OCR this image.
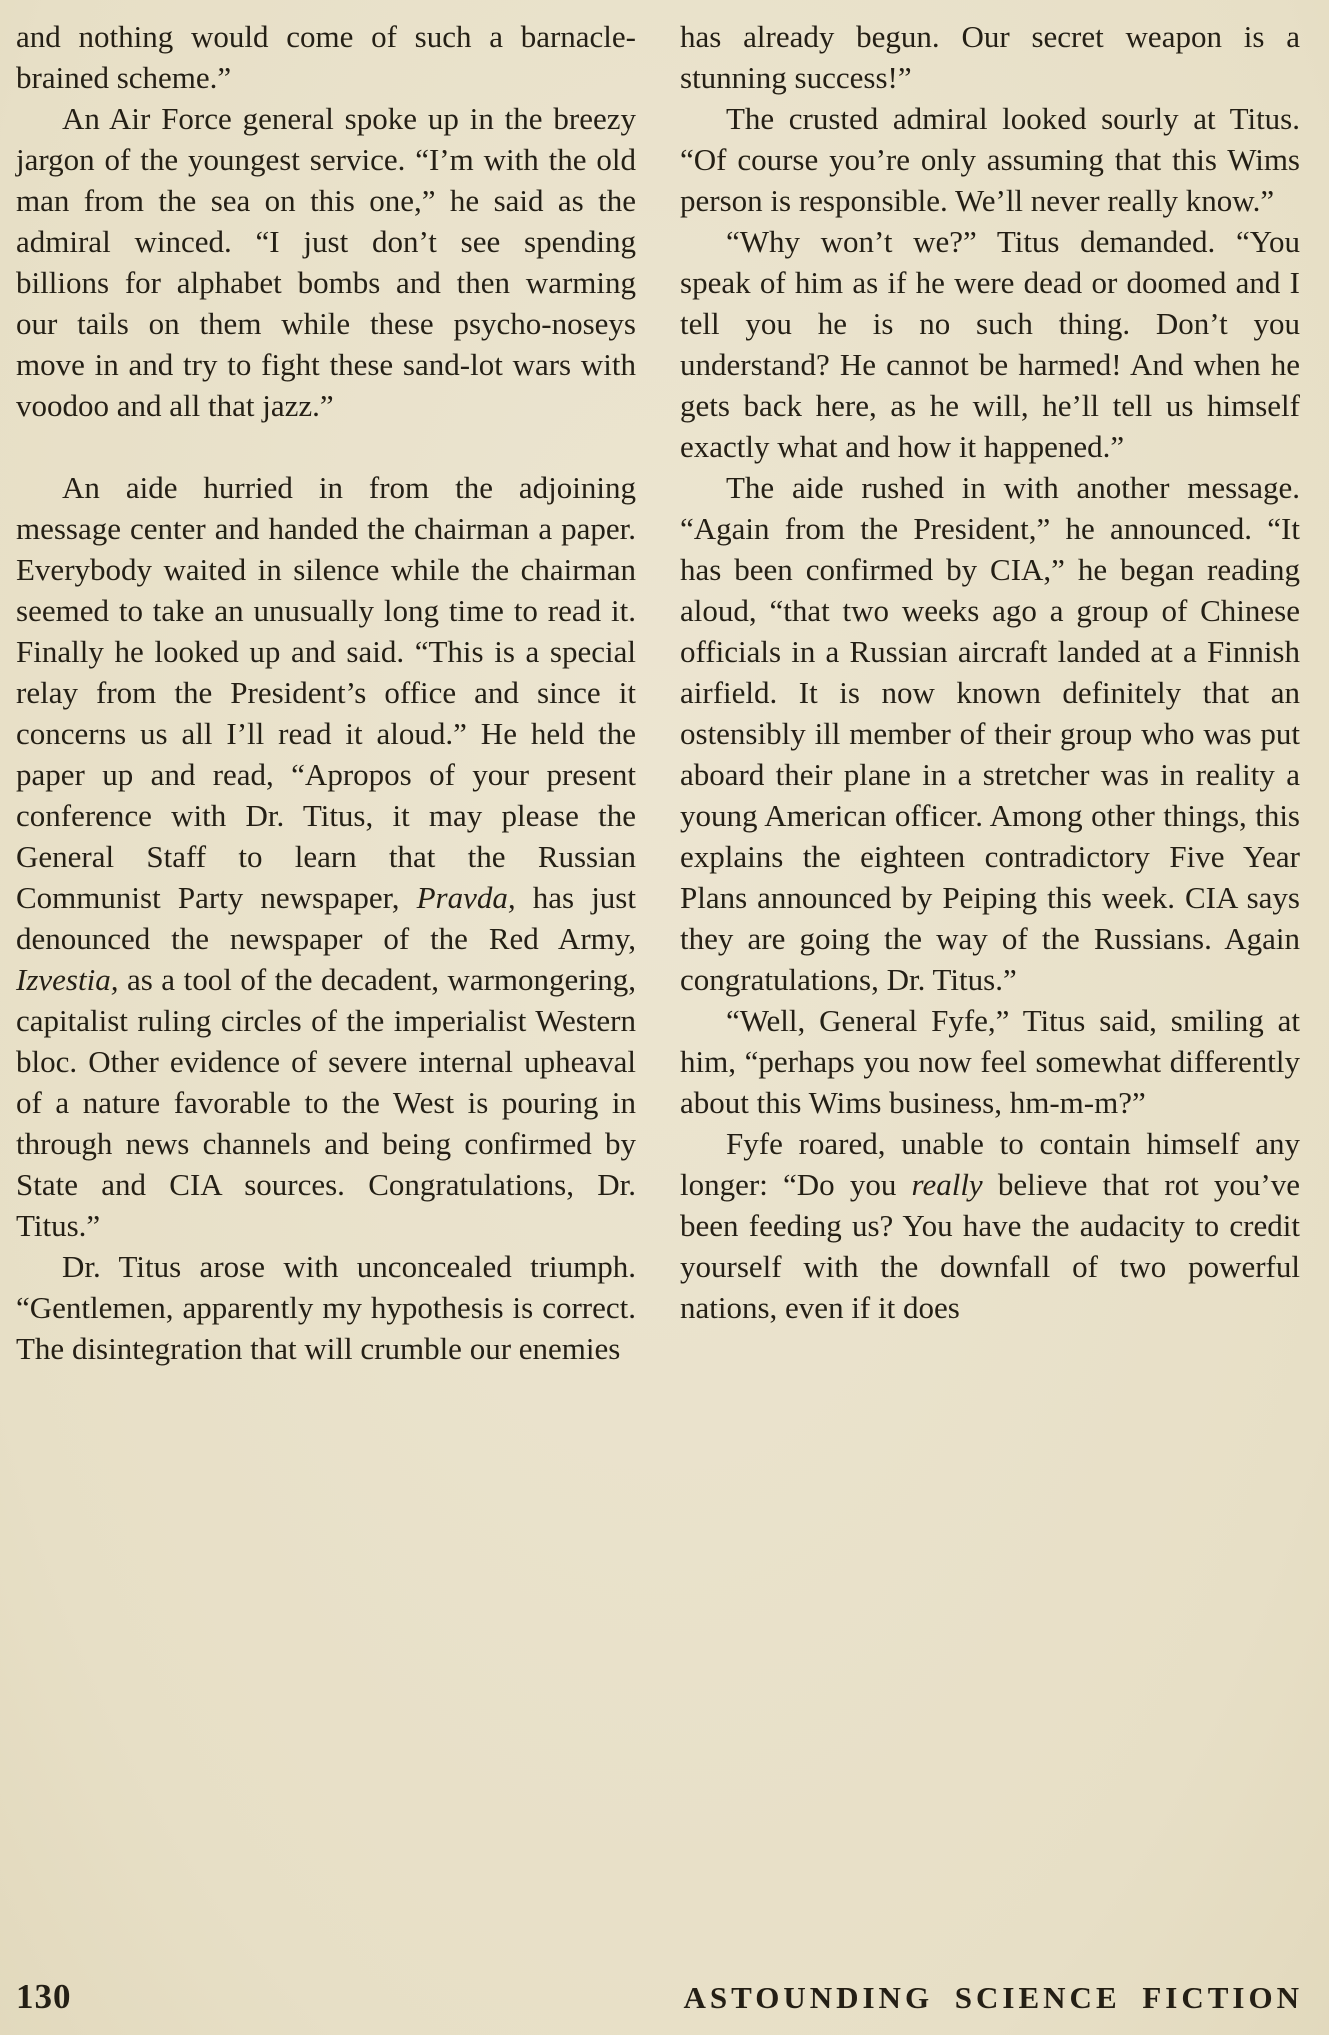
and nothing would come of such a barnacle-brained scheme.”

An Air Force general spoke up in the breezy jargon of the youngest service. “I’m with the old man from the sea on this one,” he said as the admiral winced. “I just don’t see spending billions for alphabet bombs and then warming our tails on them while these psycho-noseys move in and try to fight these sand-lot wars with voodoo and all that jazz.”

An aide hurried in from the adjoining message center and handed the chairman a paper. Everybody waited in silence while the chairman seemed to take an unusually long time to read it. Finally he looked up and said. “This is a special relay from the President’s office and since it concerns us all I’ll read it aloud.” He held the paper up and read, “Apropos of your present conference with Dr. Titus, it may please the General Staff to learn that the Russian Communist Party newspaper, Pravda, has just denounced the newspaper of the Red Army, Izvestia, as a tool of the decadent, warmongering, capitalist ruling circles of the imperialist Western bloc. Other evidence of severe internal upheaval of a nature favorable to the West is pouring in through news channels and being confirmed by State and CIA sources. Congratulations, Dr. Titus.”

Dr. Titus arose with unconcealed triumph. “Gentlemen, apparently my hypothesis is correct. The disintegration that will crumble our enemies

has already begun. Our secret weapon is a stunning success!”

The crusted admiral looked sourly at Titus. “Of course you’re only assuming that this Wims person is responsible. We’ll never really know.”

“Why won’t we?” Titus demanded. “You speak of him as if he were dead or doomed and I tell you he is no such thing. Don’t you understand? He cannot be harmed! And when he gets back here, as he will, he’ll tell us himself exactly what and how it happened.”

The aide rushed in with another message. “Again from the President,” he announced. “It has been confirmed by CIA,” he began reading aloud, “that two weeks ago a group of Chinese officials in a Russian aircraft landed at a Finnish airfield. It is now known definitely that an ostensibly ill member of their group who was put aboard their plane in a stretcher was in reality a young American officer. Among other things, this explains the eighteen contradictory Five Year Plans announced by Peiping this week. CIA says they are going the way of the Russians. Again congratulations, Dr. Titus.”

“Well, General Fyfe,” Titus said, smiling at him, “perhaps you now feel somewhat differently about this Wims business, hm-m-m?”

Fyfe roared, unable to contain himself any longer: “Do you really believe that rot you’ve been feeding us? You have the audacity to credit yourself with the downfall of two powerful nations, even if it does

130	ASTOUNDING SCIENCE FICTION
